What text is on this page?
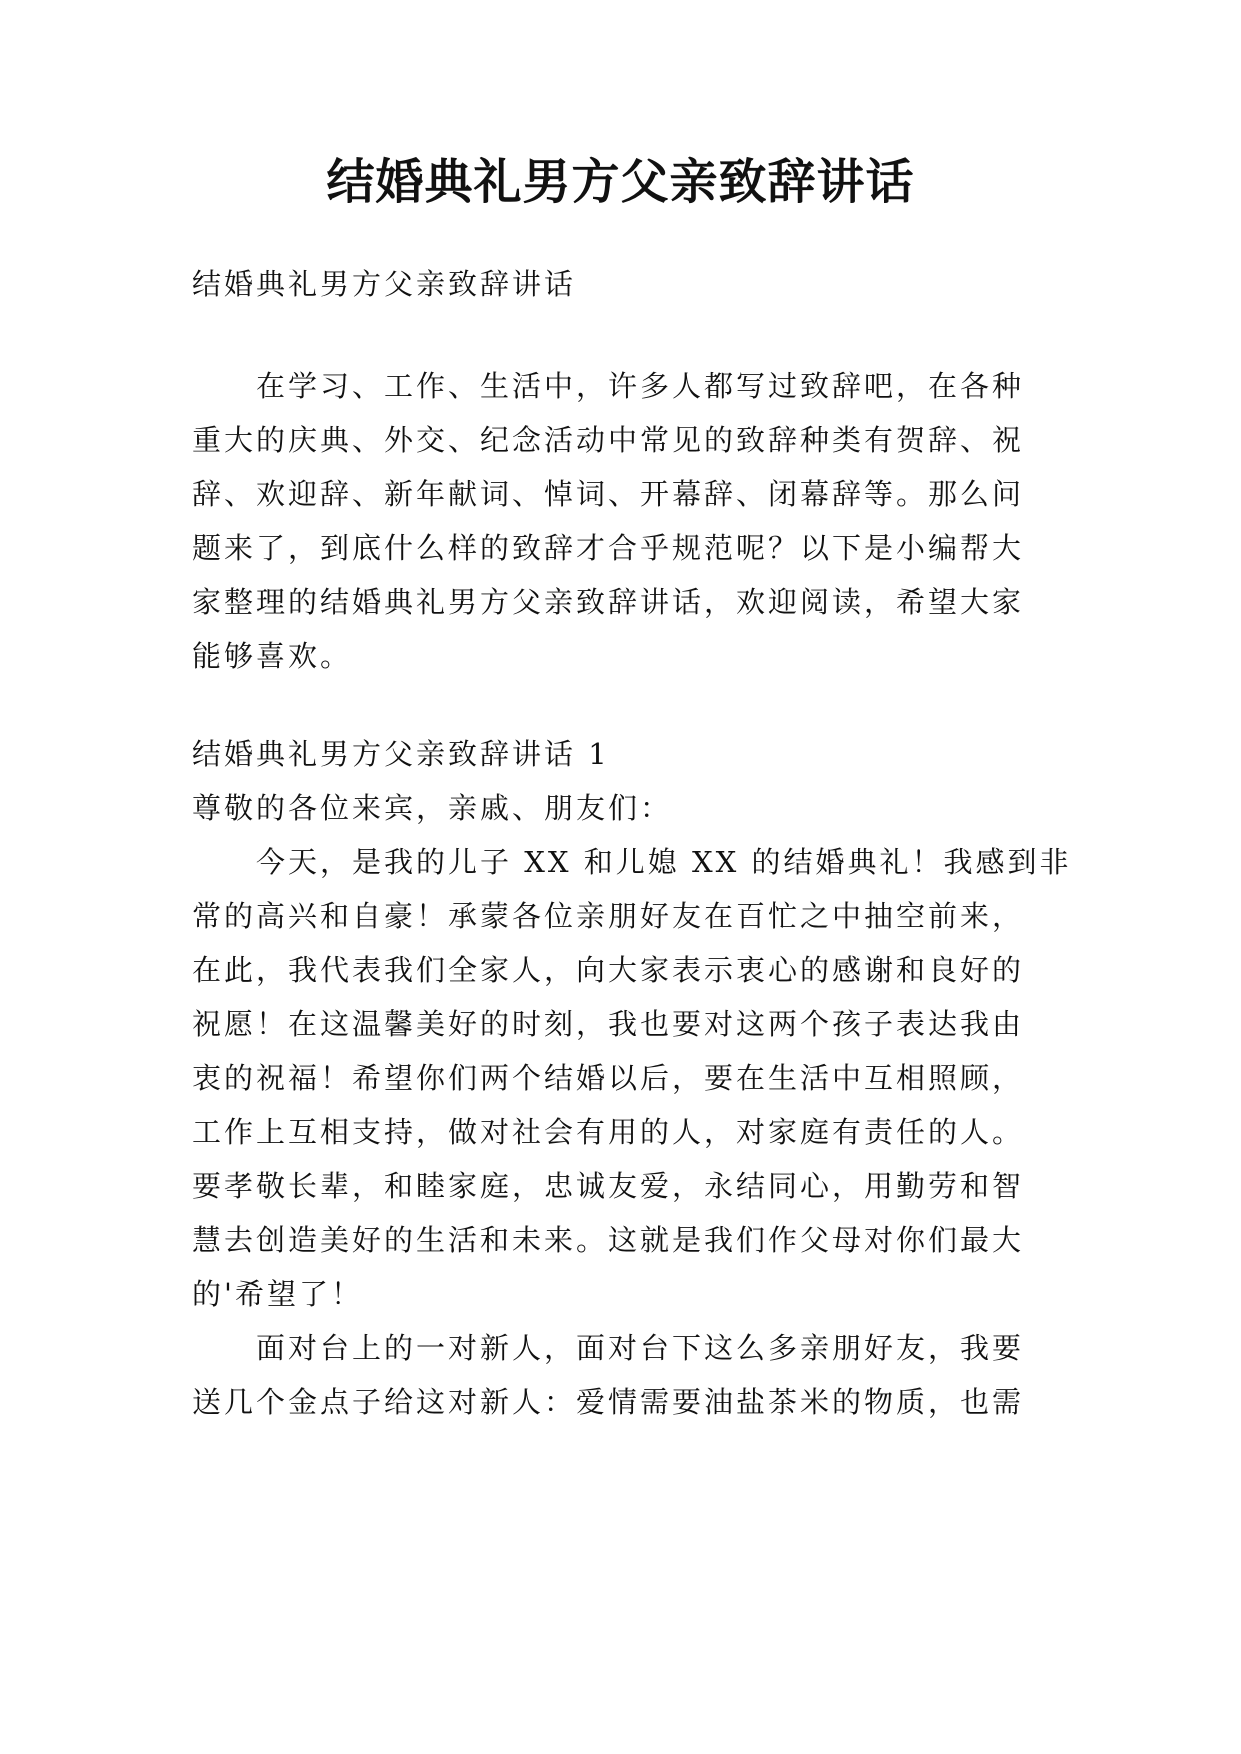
结婚典礼男方父亲致辞讲话
结婚典礼男方父亲致辞讲话
　　在学习、工作、生活中，许多人都写过致辞吧，在各种
重大的庆典、外交、纪念活动中常见的致辞种类有贺辞、祝
辞、欢迎辞、新年献词、悼词、开幕辞、闭幕辞等。那么问
题来了，到底什么样的致辞才合乎规范呢？以下是小编帮大
家整理的结婚典礼男方父亲致辞讲话，欢迎阅读，希望大家
能够喜欢。
结婚典礼男方父亲致辞讲话 1
尊敬的各位来宾，亲戚、朋友们：
　　今天，是我的儿子 XX 和儿媳 XX 的结婚典礼！我感到非
常的高兴和自豪！承蒙各位亲朋好友在百忙之中抽空前来，
在此，我代表我们全家人，向大家表示衷心的感谢和良好的
祝愿！在这温馨美好的时刻，我也要对这两个孩子表达我由
衷的祝福！希望你们两个结婚以后，要在生活中互相照顾，
工作上互相支持，做对社会有用的人，对家庭有责任的人。
要孝敬长辈，和睦家庭，忠诚友爱，永结同心，用勤劳和智
慧去创造美好的生活和未来。这就是我们作父母对你们最大
的'希望了！
　　面对台上的一对新人，面对台下这么多亲朋好友，我要
送几个金点子给这对新人：爱情需要油盐茶米的物质，也需
